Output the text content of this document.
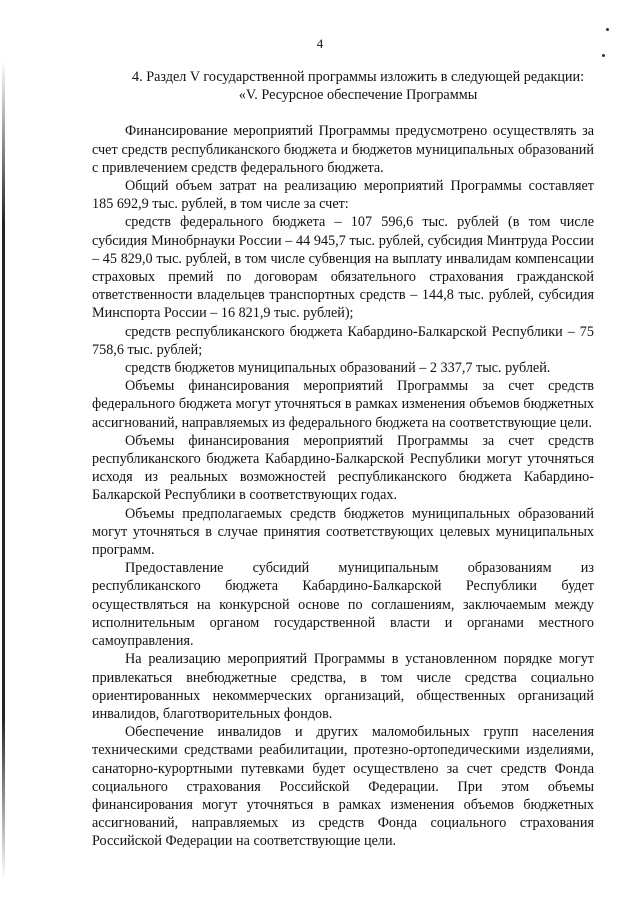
4

4. Раздел V государственной программы изложить в следующей редакции:

«V. Ресурсное обеспечение Программы

Финансирование мероприятий Программы предусмотрено осуществлять за счет средств республиканского бюджета и бюджетов муниципальных образований с привлечением средств федерального бюджета.

Общий объем затрат на реализацию мероприятий Программы составляет 185 692,9 тыс. рублей, в том числе за счет:

средств федерального бюджета – 107 596,6 тыс. рублей (в том числе субсидия Минобрнауки России – 44 945,7 тыс. рублей, субсидия Минтруда России – 45 829,0 тыс. рублей, в том числе субвенция на выплату инвалидам компенсации страховых премий по договорам обязательного страхования гражданской ответственности владельцев транспортных средств – 144,8 тыс. рублей, субсидия Минспорта России – 16 821,9 тыс. рублей);

средств республиканского бюджета Кабардино-Балкарской Республики – 75 758,6 тыс. рублей;

средств бюджетов муниципальных образований – 2 337,7 тыс. рублей.

Объемы финансирования мероприятий Программы за счет средств федерального бюджета могут уточняться в рамках изменения объемов бюджетных ассигнований, направляемых из федерального бюджета на соответствующие цели.

Объемы финансирования мероприятий Программы за счет средств республиканского бюджета Кабардино-Балкарской Республики могут уточняться исходя из реальных возможностей республиканского бюджета Кабардино-Балкарской Республики в соответствующих годах.

Объемы предполагаемых средств бюджетов муниципальных образований могут уточняться в случае принятия соответствующих целевых муниципальных программ.

Предоставление субсидий муниципальным образованиям из республиканского бюджета Кабардино-Балкарской Республики будет осуществляться на конкурсной основе по соглашениям, заключаемым между исполнительным органом государственной власти и органами местного самоуправления.

На реализацию мероприятий Программы в установленном порядке могут привлекаться внебюджетные средства, в том числе средства социально ориентированных некоммерческих организаций, общественных организаций инвалидов, благотворительных фондов.

Обеспечение инвалидов и других маломобильных групп населения техническими средствами реабилитации, протезно-ортопедическими изделиями, санаторно-курортными путевками будет осуществлено за счет средств Фонда социального страхования Российской Федерации. При этом объемы финансирования могут уточняться в рамках изменения объемов бюджетных ассигнований, направляемых из средств Фонда социального страхования Российской Федерации на соответствующие цели.
